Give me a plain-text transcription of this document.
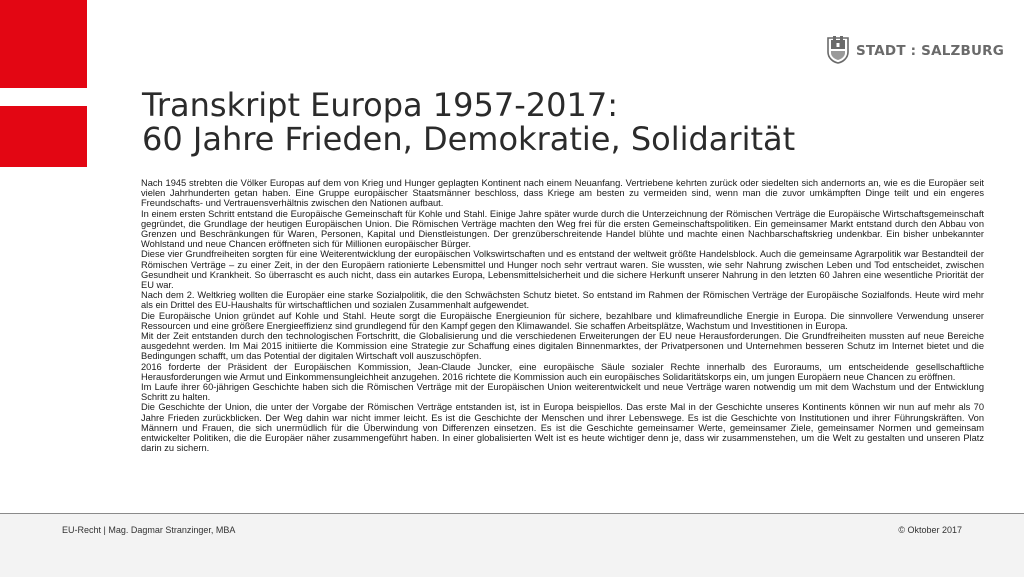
STADT : SALZBURG
Transkript Europa 1957-2017:
60 Jahre Frieden, Demokratie, Solidarität

Nach 1945 strebten die Völker Europas auf dem von Krieg und Hunger geplagten Kontinent nach einem Neuanfang. Vertriebene kehrten zurück oder siedelten sich andernorts an, wie es die Europäer seit vielen Jahrhunderten getan haben. Eine Gruppe europäischer Staatsmänner beschloss, dass Kriege am besten zu vermeiden sind, wenn man die zuvor umkämpften Dinge teilt und ein engeres Freundschafts- und Vertrauensverhältnis zwischen den Nationen aufbaut.

In einem ersten Schritt entstand die Europäische Gemeinschaft für Kohle und Stahl. Einige Jahre später wurde durch die Unterzeichnung der Römischen Verträge die Europäische Wirtschaftsgemeinschaft gegründet, die Grundlage der heutigen Europäischen Union. Die Römischen Verträge machten den Weg frei für die ersten Gemeinschaftspolitiken. Ein gemeinsamer Markt entstand durch den Abbau von Grenzen und Beschränkungen für Waren, Personen, Kapital und Dienstleistungen. Der grenzüberschreitende Handel blühte und machte einen Nachbarschaftskrieg undenkbar. Ein bisher unbekannter Wohlstand und neue Chancen eröffneten sich für Millionen europäischer Bürger.

Diese vier Grundfreiheiten sorgten für eine Weiterentwicklung der europäischen Volkswirtschaften und es entstand der weltweit größte Handelsblock. Auch die gemeinsame Agrarpolitik war Bestandteil der Römischen Verträge – zu einer Zeit, in der den Europäern rationierte Lebensmittel und Hunger noch sehr vertraut waren. Sie wussten, wie sehr Nahrung zwischen Leben und Tod entscheidet, zwischen Gesundheit und Krankheit. So überrascht es auch nicht, dass ein autarkes Europa, Lebensmittelsicherheit und die sichere Herkunft unserer Nahrung in den letzten 60 Jahren eine wesentliche Priorität der EU war.

Nach dem 2. Weltkrieg wollten die Europäer eine starke Sozialpolitik, die den Schwächsten Schutz bietet. So entstand im Rahmen der Römischen Verträge der Europäische Sozialfonds. Heute wird mehr als ein Drittel des EU-Haushalts für wirtschaftlichen und sozialen Zusammenhalt aufgewendet.

Die Europäische Union gründet auf Kohle und Stahl. Heute sorgt die Europäische Energieunion für sichere, bezahlbare und klimafreundliche Energie in Europa. Die sinnvollere Verwendung unserer Ressourcen und eine größere Energieeffizienz sind grundlegend für den Kampf gegen den Klimawandel. Sie schaffen Arbeitsplätze, Wachstum und Investitionen in Europa.

Mit der Zeit entstanden durch den technologischen Fortschritt, die Globalisierung und die verschiedenen Erweiterungen der EU neue Herausforderungen. Die Grundfreiheiten mussten auf neue Bereiche ausgedehnt werden. Im Mai 2015 initiierte die Kommission eine Strategie zur Schaffung eines digitalen Binnenmarktes, der Privatpersonen und Unternehmen besseren Schutz im Internet bietet und die Bedingungen schafft, um das Potential der digitalen Wirtschaft voll auszuschöpfen.

2016 forderte der Präsident der Europäischen Kommission, Jean-Claude Juncker, eine europäische Säule sozialer Rechte innerhalb des Euroraums, um entscheidende gesellschaftliche Herausforderungen wie Armut und Einkommensungleichheit anzugehen. 2016 richtete die Kommission auch ein europäisches Solidaritätskorps ein, um jungen Europäern neue Chancen zu eröffnen.

Im Laufe ihrer 60-jährigen Geschichte haben sich die Römischen Verträge mit der Europäischen Union weiterentwickelt und neue Verträge waren notwendig um mit dem Wachstum und der Entwicklung Schritt zu halten.

Die Geschichte der Union, die unter der Vorgabe der Römischen Verträge entstanden ist, ist in Europa beispiellos. Das erste Mal in der Geschichte unseres Kontinents können wir nun auf mehr als 70 Jahre Frieden zurückblicken. Der Weg dahin war nicht immer leicht. Es ist die Geschichte der Menschen und ihrer Lebenswege. Es ist die Geschichte von Institutionen und ihrer Führungskräften. Von Männern und Frauen, die sich unermüdlich für die Überwindung von Differenzen einsetzen. Es ist die Geschichte gemeinsamer Werte, gemeinsamer Ziele, gemeinsamer Normen und gemeinsam entwickelter Politiken, die die Europäer näher zusammengeführt haben. In einer globalisierten Welt ist es heute wichtiger denn je, dass wir zusammenstehen, um die Welt zu gestalten und unseren Platz darin zu sichern.

EU-Recht | Mag. Dagmar Stranzinger, MBA	© Oktober 2017
